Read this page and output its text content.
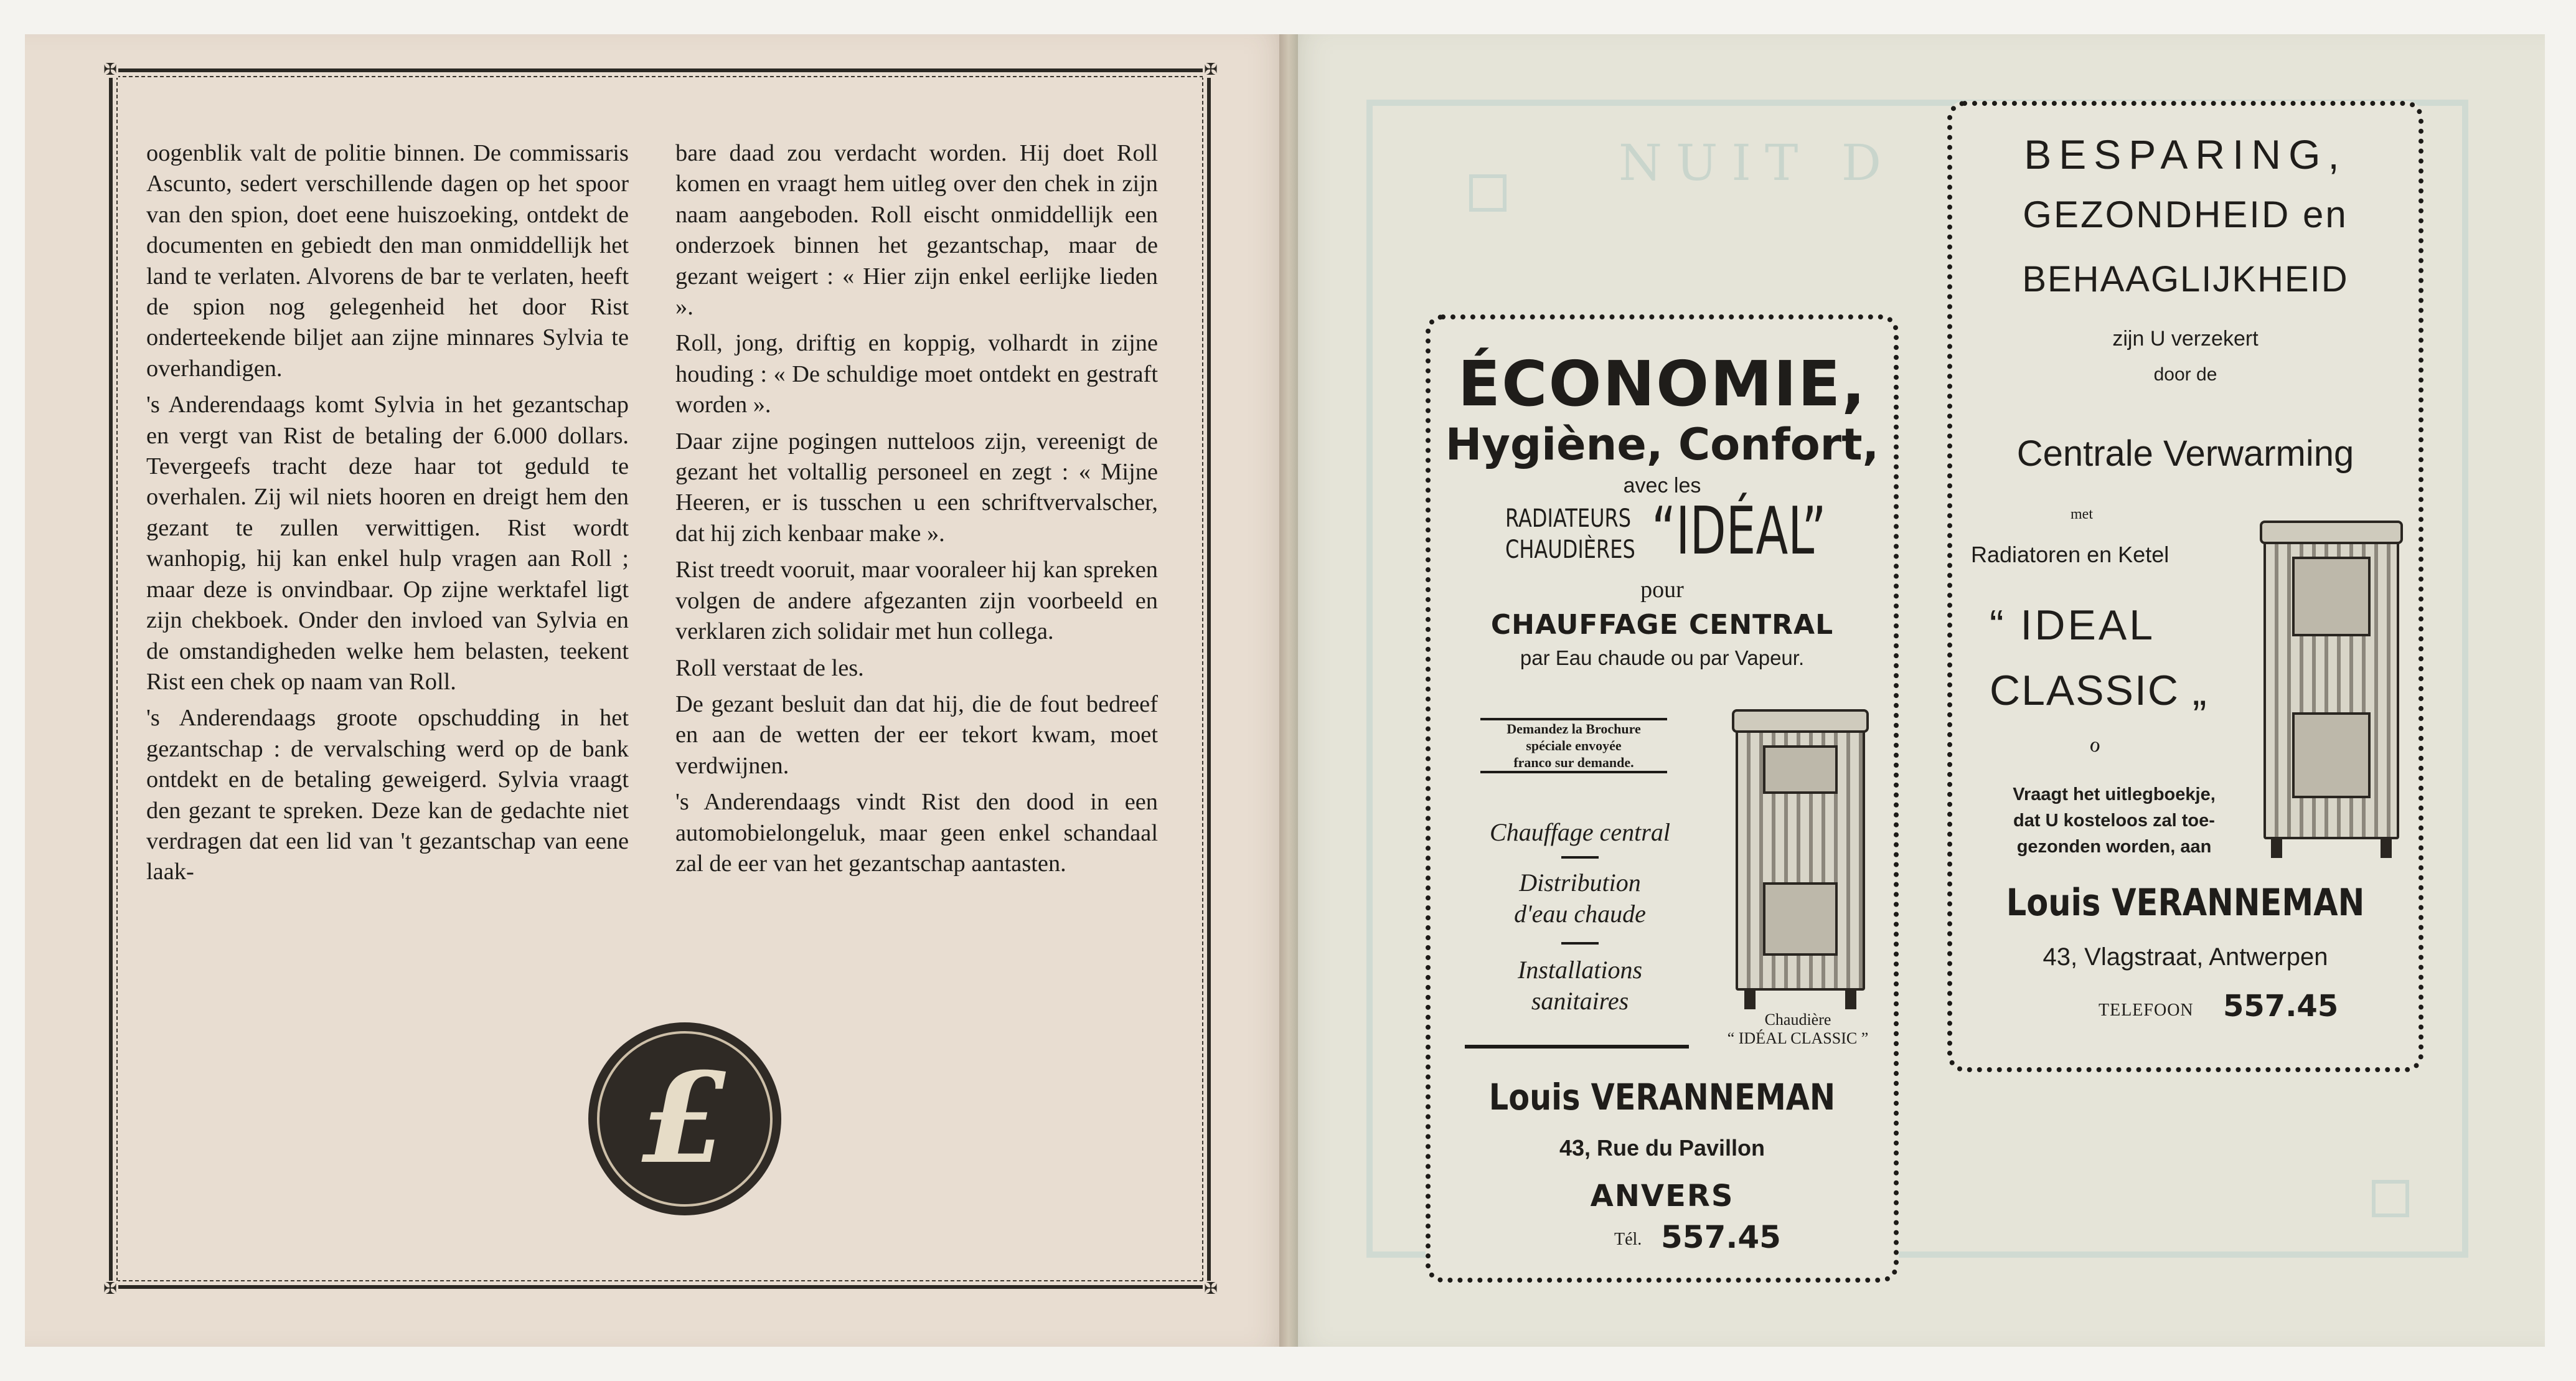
✠	✠
✠	✠

oogenblik valt de politie binnen. De commissaris Ascunto, sedert verschillende dagen op het spoor van den spion, doet eene huiszoeking, ontdekt de documenten en gebiedt den man onmiddellijk het land te verlaten. Alvorens de bar te verlaten, heeft de spion nog gelegenheid het door Rist onderteekende biljet aan zijne minnares Sylvia te overhandigen.

's Anderendaags komt Sylvia in het gezantschap en vergt van Rist de betaling der 6.000 dollars. Tevergeefs tracht deze haar tot geduld te overhalen. Zij wil niets hooren en dreigt hem den gezant te zullen verwittigen. Rist wordt wanhopig, hij kan enkel hulp vragen aan Roll ; maar deze is onvindbaar. Op zijne werktafel ligt zijn chekboek. Onder den invloed van Sylvia en de omstandigheden welke hem belasten, teekent Rist een chek op naam van Roll.

's Anderendaags groote opschudding in het gezantschap : de vervalsching werd op de bank ontdekt en de betaling geweigerd. Sylvia vraagt den gezant te spreken. Deze kan de gedachte niet verdragen dat een lid van 't gezantschap van eene laak-

bare daad zou verdacht worden. Hij doet Roll komen en vraagt hem uitleg over den chek in zijn naam aangeboden. Roll eischt onmiddellijk een onderzoek binnen het gezantschap, maar de gezant weigert : « Hier zijn enkel eerlijke lieden ».

Roll, jong, driftig en koppig, volhardt in zijne houding : « De schuldige moet ontdekt en gestraft worden ».

Daar zijne pogingen nutteloos zijn, vereenigt de gezant het voltallig personeel en zegt : « Mijne Heeren, er is tusschen u een schriftvervalscher, dat hij zich kenbaar make ».

Rist treedt vooruit, maar vooraleer hij kan spreken volgen de andere afgezanten zijn voorbeeld en verklaren zich solidair met hun collega.

Roll verstaat de les.

De gezant besluit dan dat hij, die de fout bedreef en aan de wetten der eer tekort kwam, moet verdwijnen.

's Anderendaags vindt Rist den dood in een automobielongeluk, maar geen enkel schandaal zal de eer van het gezantschap aantasten.

£
NUIT D
ÉCONOMIE,
Hygiène, Confort,
avec les
RADIATEURS
CHAUDIÈRES “IDÉAL”
pour
CHAUFFAGE CENTRAL
par Eau chaude ou par Vapeur.
Demandez la Brochure
spéciale envoyée
franco sur demande.
Chauffage central
Distribution
d'eau chaude
Installations
sanitaires
Chaudière
“ IDÉAL CLASSIC ”
Louis VERANNEMAN
43, Rue du Pavillon
ANVERS
Tél. 557.45
BESPARING,
GEZONDHEID en
BEHAAGLIJKHEID
zijn U verzekert
door de
Centrale Verwarming
met
Radiatoren en Ketel
“ IDEAL
CLASSIC „
ℴ
Vraagt het uitlegboekje,
dat U kosteloos zal toe-
gezonden worden, aan
Louis VERANNEMAN
43, Vlagstraat, Antwerpen
TELEFOON 557.45
